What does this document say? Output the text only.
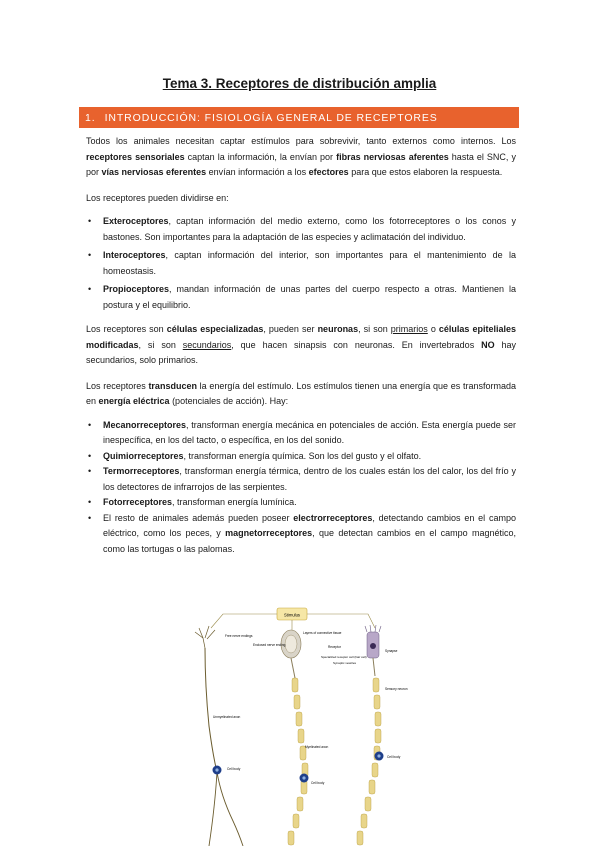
Tema 3. Receptores de distribución amplia
1. INTRODUCCIÓN: FISIOLOGÍA GENERAL DE RECEPTORES

Todos los animales necesitan captar estímulos para sobrevivir, tanto externos como internos. Los receptores sensoriales captan la información, la envían por fibras nerviosas aferentes hasta el SNC, y por vías nerviosas eferentes envían información a los efectores para que estos elaboren la respuesta.

Los receptores pueden dividirse en:

• Exteroceptores, captan información del medio externo, como los fotorreceptores o los conos y bastones. Son importantes para la adaptación de las especies y aclimatación del individuo.
• Interoceptores, captan información del interior, son importantes para el mantenimiento de la homeostasis.
• Propioceptores, mandan información de unas partes del cuerpo respecto a otras. Mantienen la postura y el equilibrio.

Los receptores son células especializadas, pueden ser neuronas, si son primarios o células epiteliales modificadas, si son secundarios, que hacen sinapsis con neuronas. En invertebrados NO hay secundarios, solo primarios.

Los receptores transducen la energía del estímulo. Los estímulos tienen una energía que es transformada en energía eléctrica (potenciales de acción). Hay:

• Mecanorreceptores, transforman energía mecánica en potenciales de acción. Esta energía puede ser inespecífica, en los del tacto, o específica, en los del sonido.
• Quimiorreceptores, transforman energía química. Son los del gusto y el olfato.
• Termorreceptores, transforman energía térmica, dentro de los cuales están los del calor, los del frío y los detectores de infrarrojos de las serpientes.
• Fotorreceptores, transforman energía lumínica.
• El resto de animales además pueden poseer electrorreceptores, detectando cambios en el campo eléctrico, como los peces, y magnetorreceptores, que detectan cambios en el campo magnético, como las tortugas o las palomas.
Stimulus
Free nerve endings
Unmyelinated axon
Cell body
Enclosed nerve ending
Layers of connective tissue
Myelinated axon
Cell body
Receptor
Synapse
Specialized receptor cell (hair cell)
Synaptic vesicles
Sensory neuron
Cell body
